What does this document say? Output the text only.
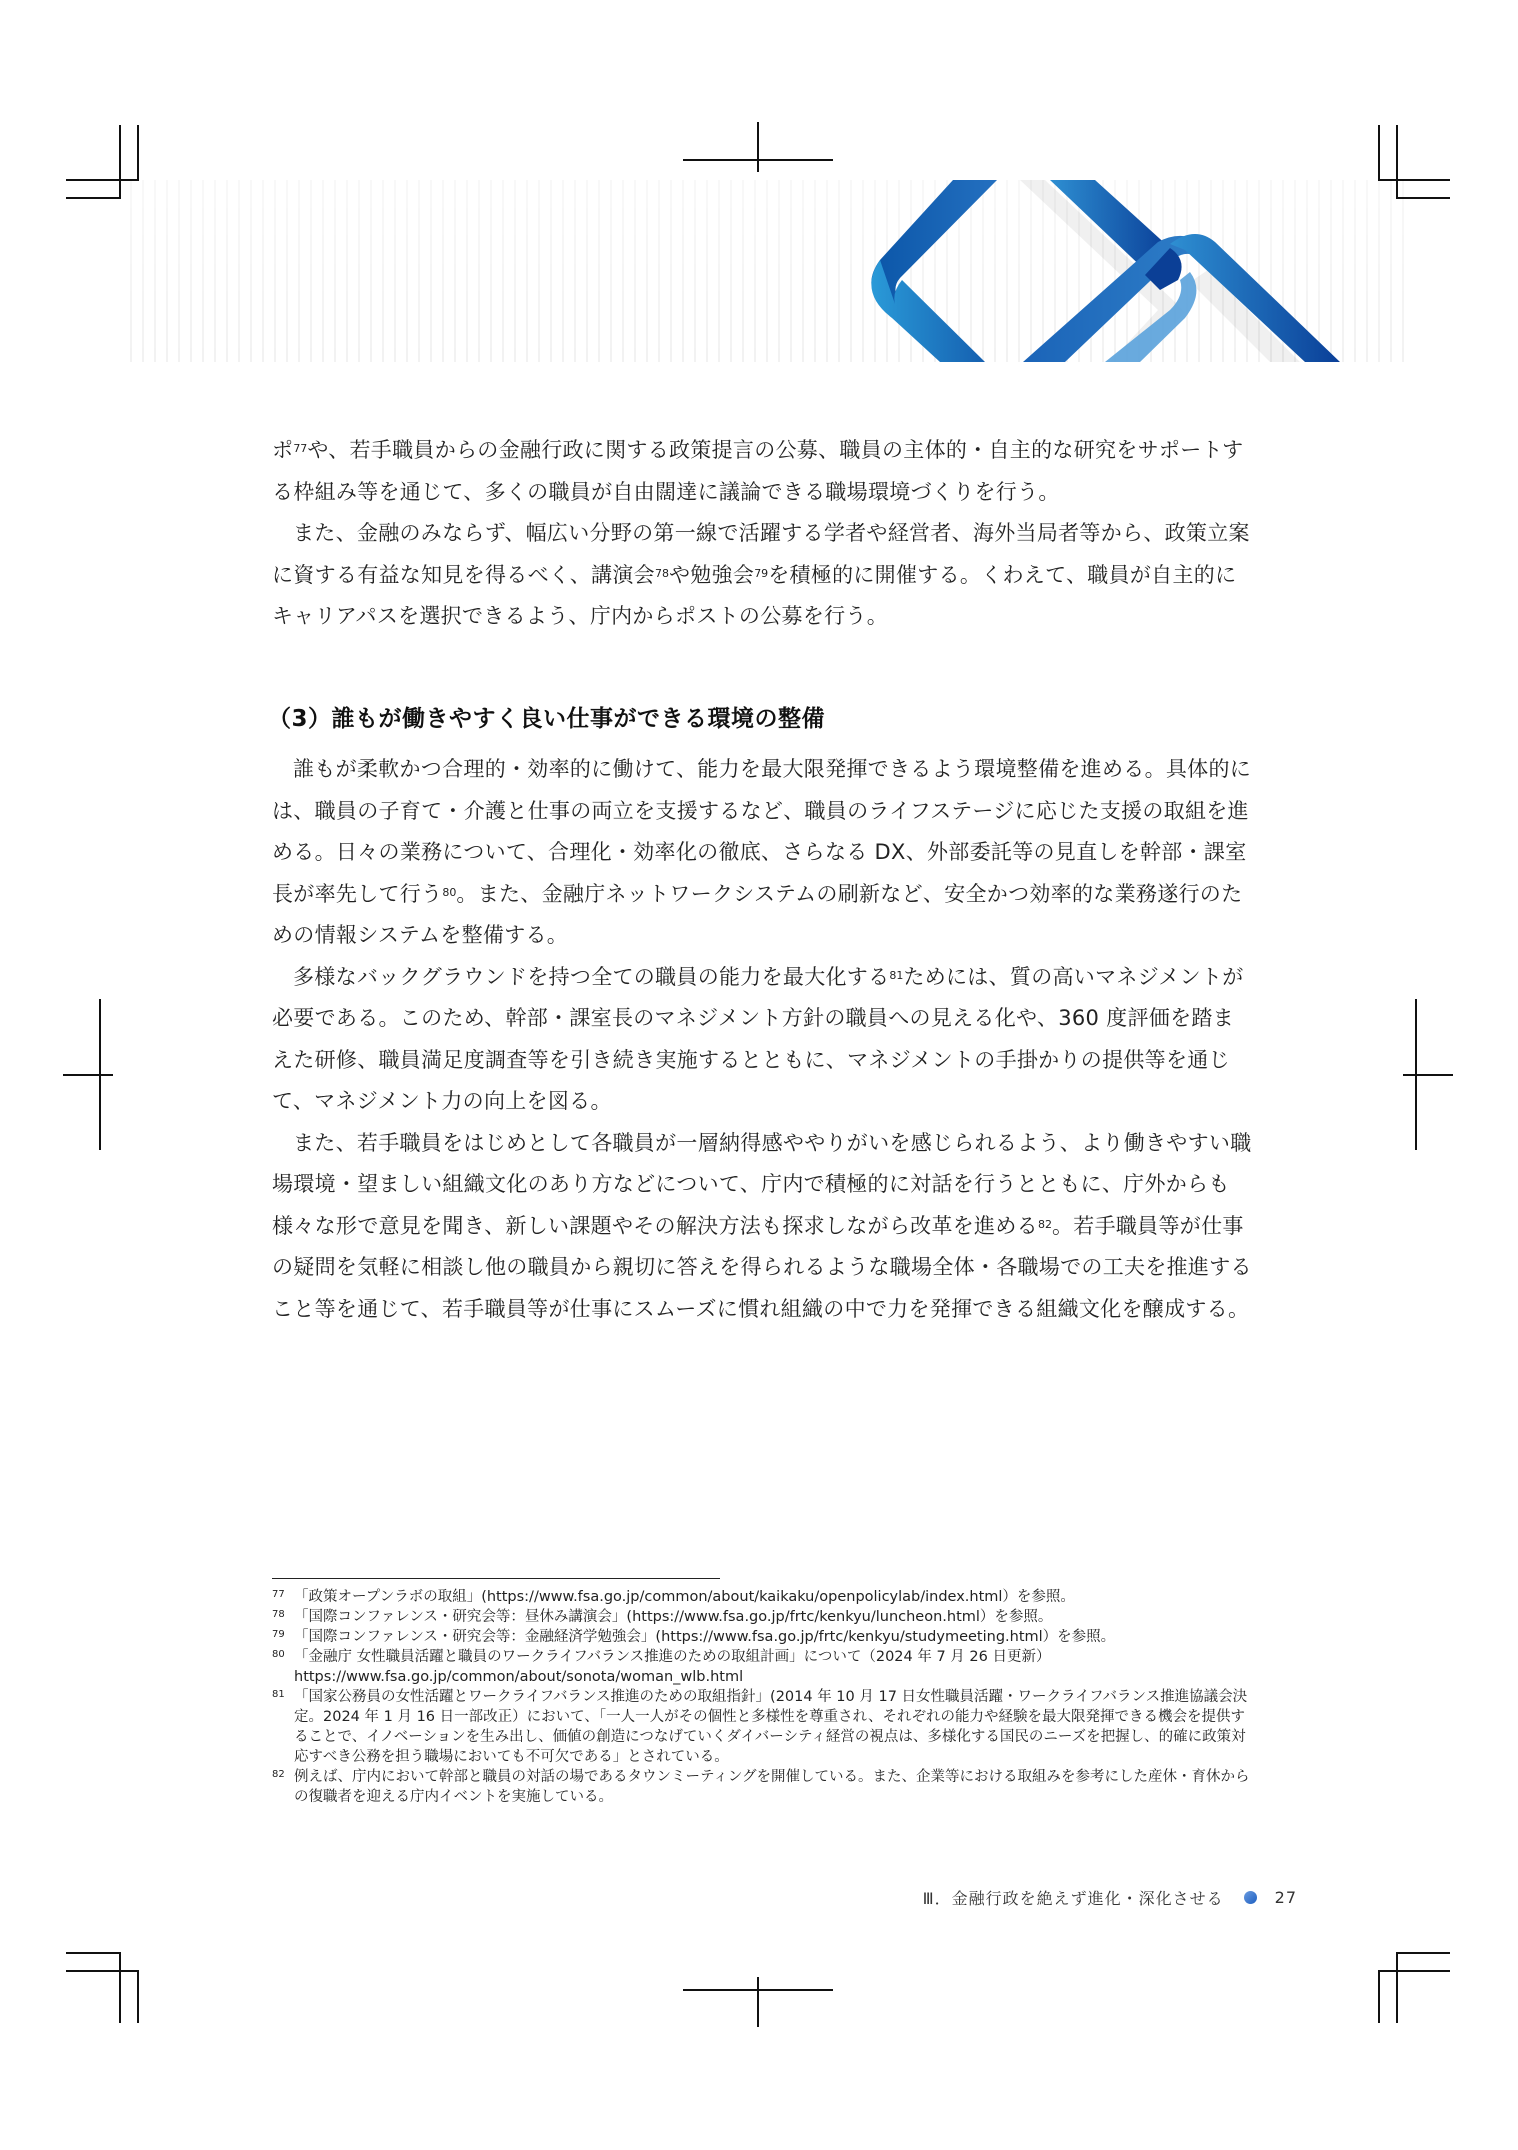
ポ$^{77}$や、若手職員からの金融行政に関する政策提言の公募、職員の主体的・自主的な研究をサポートする枠組み等を通じて、多くの職員が自由闊達に議論できる職場環境づくりを行う。

また、金融のみならず、幅広い分野の第一線で活躍する学者や経営者、海外当局者等から、政策立案に資する有益な知見を得るべく、講演会$^{78}$や勉強会$^{79}$を積極的に開催する。くわえて、職員が自主的にキャリアパスを選択できるよう、庁内からポストの公募を行う。

（3）誰もが働きやすく良い仕事ができる環境の整備

誰もが柔軟かつ合理的・効率的に働けて、能力を最大限発揮できるよう環境整備を進める。具体的には、職員の子育て・介護と仕事の両立を支援するなど、職員のライフステージに応じた支援の取組を進める。日々の業務について、合理化・効率化の徹底、さらなる DX、外部委託等の見直しを幹部・課室長が率先して行う$^{80}$。また、金融庁ネットワークシステムの刷新など、安全かつ効率的な業務遂行のための情報システムを整備する。

多様なバックグラウンドを持つ全ての職員の能力を最大化する$^{81}$ためには、質の高いマネジメントが必要である。このため、幹部・課室長のマネジメント方針の職員への見える化や、360 度評価を踏まえた研修、職員満足度調査等を引き続き実施するとともに、マネジメントの手掛かりの提供等を通じて、マネジメント力の向上を図る。

また、若手職員をはじめとして各職員が一層納得感ややりがいを感じられるよう、より働きやすい職場環境・望ましい組織文化のあり方などについて、庁内で積極的に対話を行うとともに、庁外からも様々な形で意見を聞き、新しい課題やその解決方法も探求しながら改革を進める$^{82}$。若手職員等が仕事の疑問を気軽に相談し他の職員から親切に答えを得られるような職場全体・各職場での工夫を推進すること等を通じて、若手職員等が仕事にスムーズに慣れ組織の中で力を発揮できる組織文化を醸成する。

77 「政策オープンラボの取組」(https://www.fsa.go.jp/common/about/kaikaku/openpolicylab/index.html）を参照。
78 「国際コンファレンス・研究会等：昼休み講演会」(https://www.fsa.go.jp/frtc/kenkyu/luncheon.html）を参照。
79 「国際コンファレンス・研究会等：金融経済学勉強会」(https://www.fsa.go.jp/frtc/kenkyu/studymeeting.html）を参照。
80 「金融庁 女性職員活躍と職員のワークライフバランス推進のための取組計画」について（2024 年 7 月 26 日更新）
https://www.fsa.go.jp/common/about/sonota/woman_wlb.html
81 「国家公務員の女性活躍とワークライフバランス推進のための取組指針」(2014 年 10 月 17 日女性職員活躍・ワークライフバランス推進協議会決定。2024 年 1 月 16 日一部改正）において、「一人一人がその個性と多様性を尊重され、それぞれの能力や経験を最大限発揮できる機会を提供することで、イノベーションを生み出し、価値の創造につなげていくダイバーシティ経営の視点は、多様化する国民のニーズを把握し、的確に政策対応すべき公務を担う職場においても不可欠である」とされている。
82 例えば、庁内において幹部と職員の対話の場であるタウンミーティングを開催している。また、企業等における取組みを参考にした産休・育休からの復職者を迎える庁内イベントを実施している。
Ⅲ．金融行政を絶えず進化・深化させる	27
